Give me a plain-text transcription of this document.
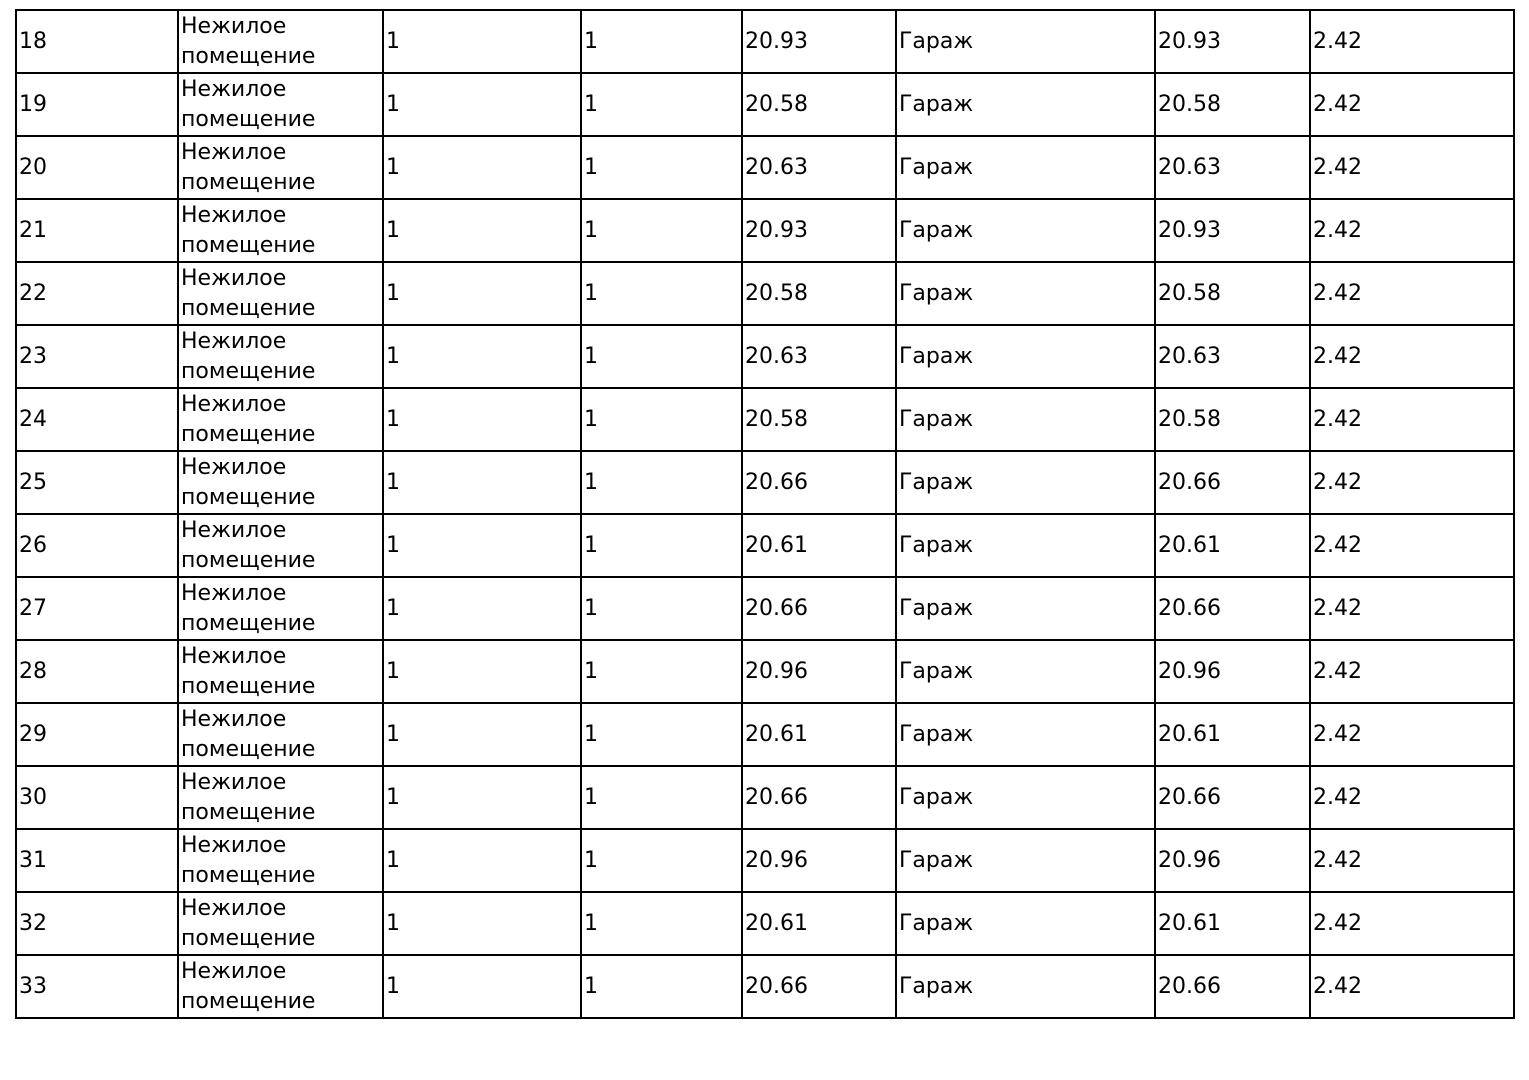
18	Нежилое помещение	1	1	20.93	Гараж	20.93	2.42
19	Нежилое помещение	1	1	20.58	Гараж	20.58	2.42
20	Нежилое помещение	1	1	20.63	Гараж	20.63	2.42
21	Нежилое помещение	1	1	20.93	Гараж	20.93	2.42
22	Нежилое помещение	1	1	20.58	Гараж	20.58	2.42
23	Нежилое помещение	1	1	20.63	Гараж	20.63	2.42
24	Нежилое помещение	1	1	20.58	Гараж	20.58	2.42
25	Нежилое помещение	1	1	20.66	Гараж	20.66	2.42
26	Нежилое помещение	1	1	20.61	Гараж	20.61	2.42
27	Нежилое помещение	1	1	20.66	Гараж	20.66	2.42
28	Нежилое помещение	1	1	20.96	Гараж	20.96	2.42
29	Нежилое помещение	1	1	20.61	Гараж	20.61	2.42
30	Нежилое помещение	1	1	20.66	Гараж	20.66	2.42
31	Нежилое помещение	1	1	20.96	Гараж	20.96	2.42
32	Нежилое помещение	1	1	20.61	Гараж	20.61	2.42
33	Нежилое помещение	1	1	20.66	Гараж	20.66	2.42
